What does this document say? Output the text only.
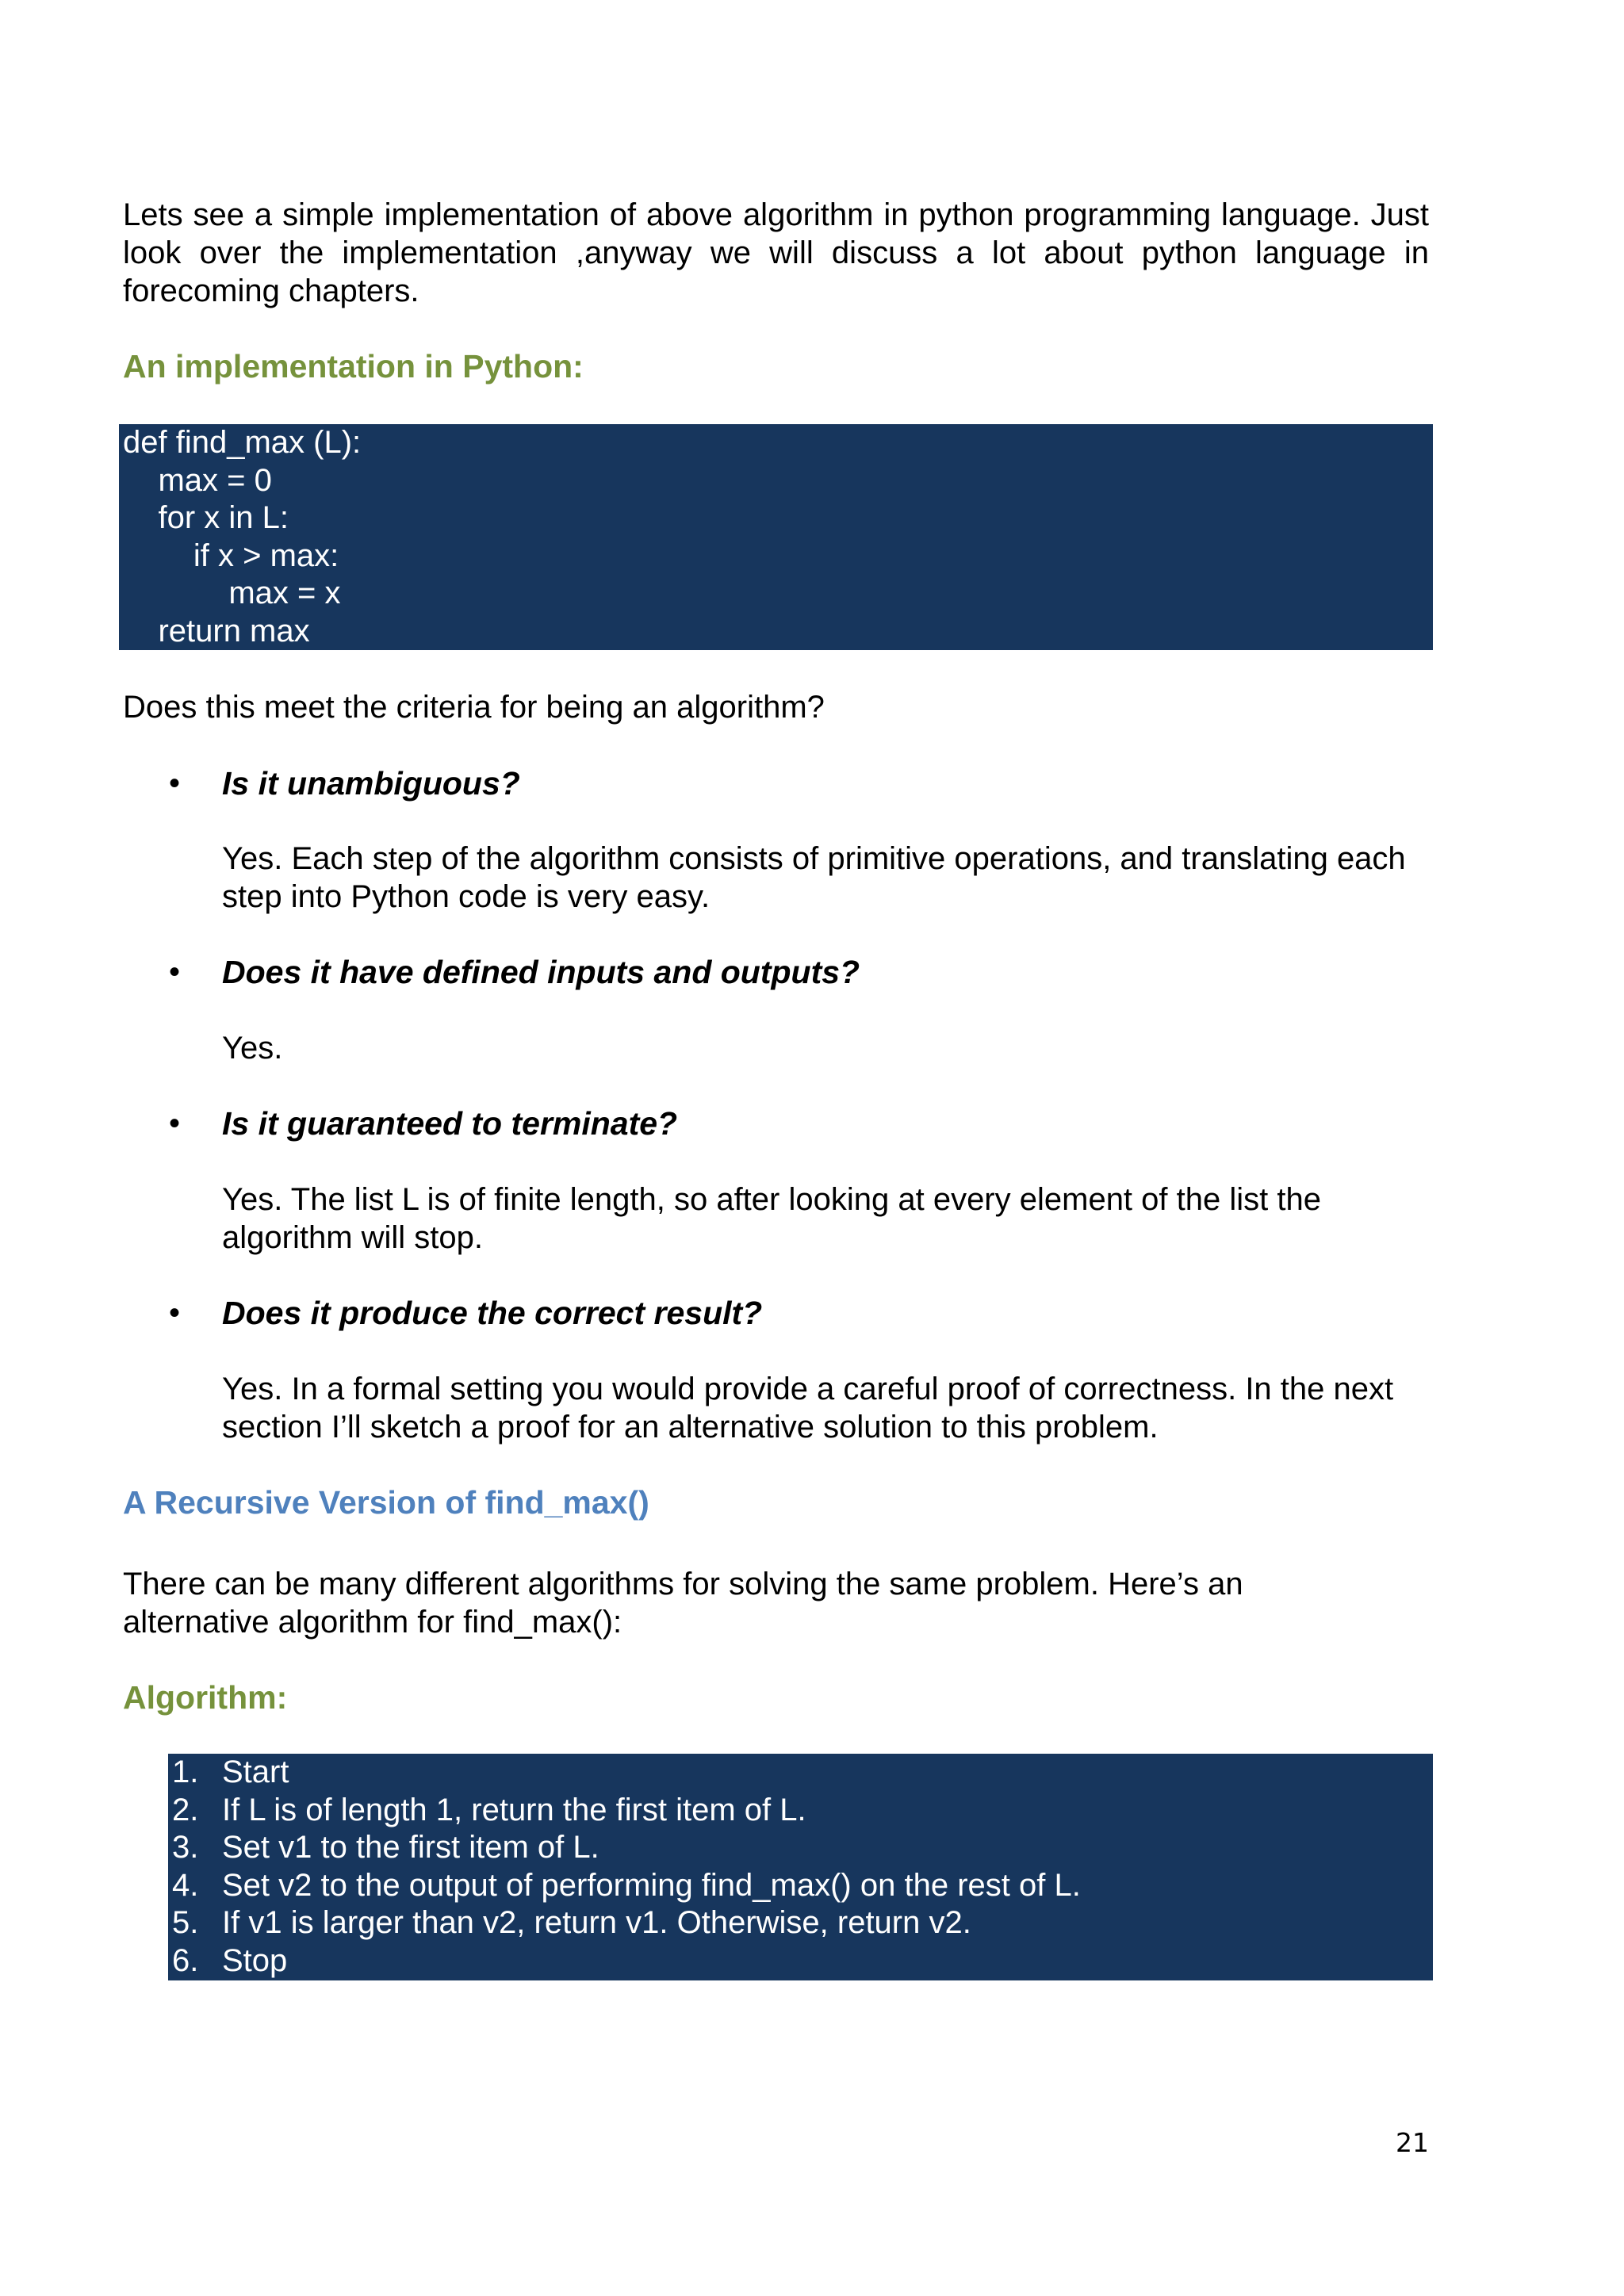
Lets see a simple implementation of above algorithm in python programming language. Just look over the implementation ,anyway we will discuss a lot about python language in forecoming chapters.

An implementation in Python:
def find_max (L):
max = 0
for x in L:
if x > max:
max = x
return max

Does this meet the criteria for being an algorithm?

•	Is it unambiguous?

Yes. Each step of the algorithm consists of primitive operations, and translating each step into Python code is very easy.

•	Does it have defined inputs and outputs?

Yes.

•	Is it guaranteed to terminate?

Yes. The list L is of finite length, so after looking at every element of the list the algorithm will stop.

•	Does it produce the correct result?

Yes. In a formal setting you would provide a careful proof of correctness. In the next section I’ll sketch a proof for an alternative solution to this problem.

A Recursive Version of find_max()

There can be many different algorithms for solving the same problem. Here’s an alternative algorithm for find_max():

Algorithm:
1. Start
2. If L is of length 1, return the first item of L.
3. Set v1 to the first item of L.
4. Set v2 to the output of performing find_max() on the rest of L.
5. If v1 is larger than v2, return v1. Otherwise, return v2.
6. Stop
21
